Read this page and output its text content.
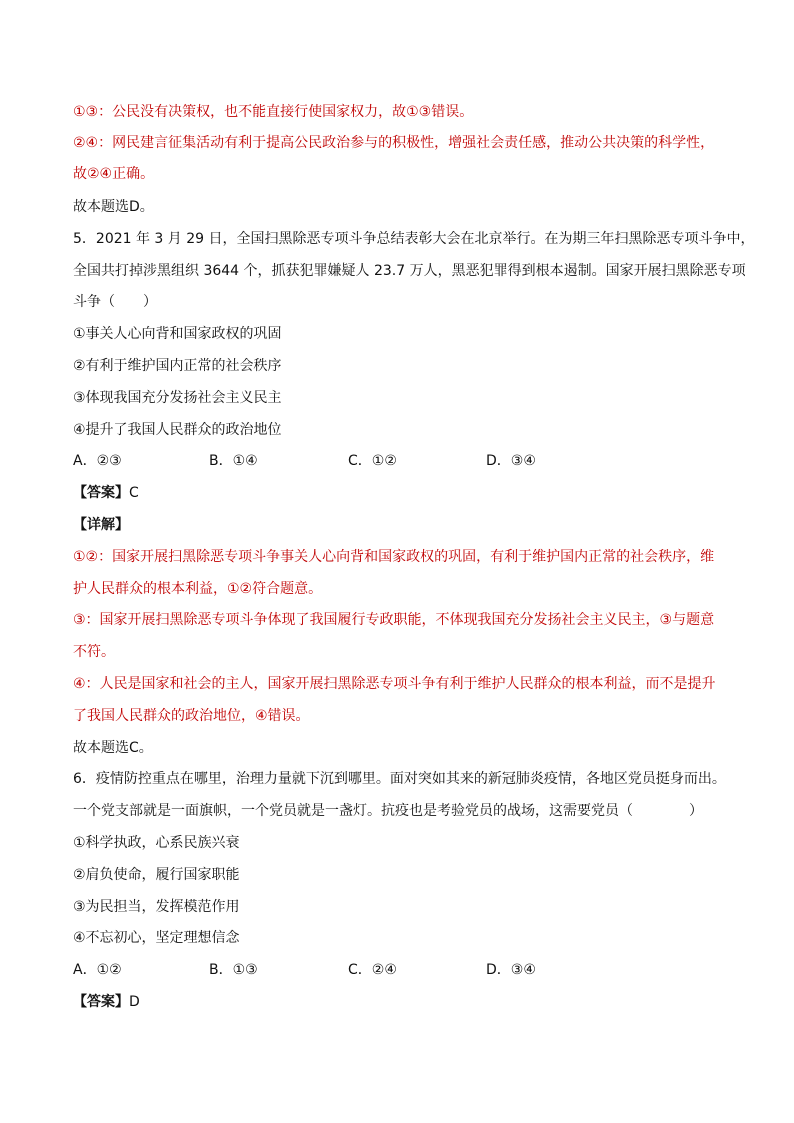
①③：公民没有决策权，也不能直接行使国家权力，故①③错误。
②④：网民建言征集活动有利于提高公民政治参与的积极性，增强社会责任感，推动公共决策的科学性，
故②④正确。
故本题选D。
5．2021 年 3 月 29 日，全国扫黑除恶专项斗争总结表彰大会在北京举行。在为期三年扫黑除恶专项斗争中，
全国共打掉涉黑组织 3644 个，抓获犯罪嫌疑人 23.7 万人，黑恶犯罪得到根本遏制。国家开展扫黑除恶专项
斗争（　　）
①事关人心向背和国家政权的巩固
②有利于维护国内正常的社会秩序
③体现我国充分发扬社会主义民主
④提升了我国人民群众的政治地位
A．②③	B．①④	C．①②	D．③④
【答案】C
【详解】
①②：国家开展扫黑除恶专项斗争事关人心向背和国家政权的巩固，有利于维护国内正常的社会秩序，维
护人民群众的根本利益，①②符合题意。
③：国家开展扫黑除恶专项斗争体现了我国履行专政职能，不体现我国充分发扬社会主义民主，③与题意
不符。
④：人民是国家和社会的主人，国家开展扫黑除恶专项斗争有利于维护人民群众的根本利益，而不是提升
了我国人民群众的政治地位，④错误。
故本题选C。
6．疫情防控重点在哪里，治理力量就下沉到哪里。面对突如其来的新冠肺炎疫情，各地区党员挺身而出。
一个党支部就是一面旗帜，一个党员就是一盏灯。抗疫也是考验党员的战场，这需要党员（　　　　）
①科学执政，心系民族兴衰
②肩负使命，履行国家职能
③为民担当，发挥模范作用
④不忘初心，坚定理想信念
A．①②	B．①③	C．②④	D．③④
【答案】D
